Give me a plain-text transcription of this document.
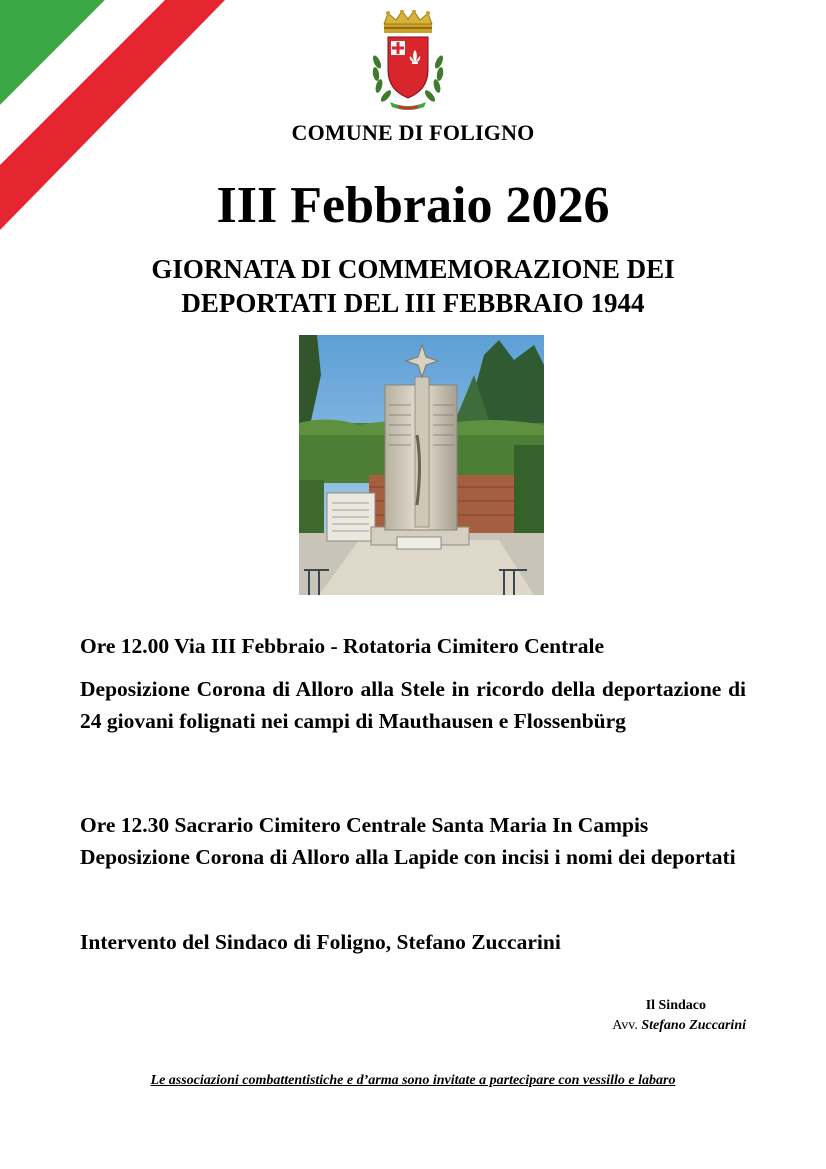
COMUNE DI FOLIGNO
III Febbraio 2026
GIORNATA DI COMMEMORAZIONE DEI
DEPORTATI DEL III FEBBRAIO 1944
Ore 12.00 Via III Febbraio - Rotatoria Cimitero Centrale
Deposizione Corona di Alloro alla Stele in ricordo della deportazione di 24 giovani folignati nei campi di Mauthausen e Flossenbürg
Ore 12.30 Sacrario Cimitero Centrale Santa Maria In Campis
Deposizione Corona di Alloro alla Lapide con incisi i nomi dei deportati
Intervento del Sindaco di Foligno, Stefano Zuccarini
Il Sindaco
Avv. Stefano Zuccarini
Le associazioni combattentistiche e d’arma sono invitate a partecipare con vessillo e labaro
